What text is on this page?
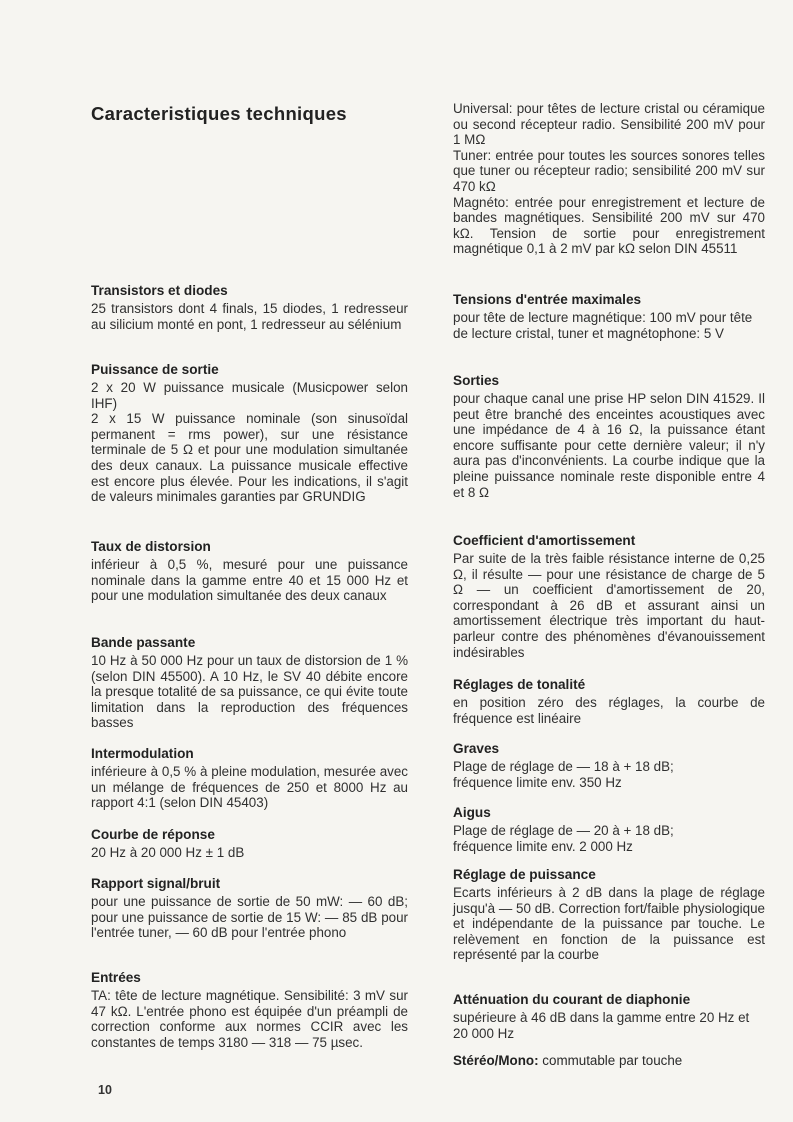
Caracteristiques techniques
Transistors et diodes

25 transistors dont 4 finals, 15 diodes, 1 redresseur au silicium monté en pont, 1 redresseur au sélénium

Puissance de sortie

2 x 20 W puissance musicale (Musicpower selon IHF)

2 x 15 W puissance nominale (son sinusoïdal permanent = rms power), sur une résistance terminale de 5 Ω et pour une modulation simultanée des deux canaux. La puissance musicale effective est encore plus élevée. Pour les indications, il s'agit de valeurs minimales garanties par GRUNDIG

Taux de distorsion

inférieur à 0,5 %, mesuré pour une puissance nominale dans la gamme entre 40 et 15 000 Hz et pour une modulation simultanée des deux canaux

Bande passante

10 Hz à 50 000 Hz pour un taux de distorsion de 1 % (selon DIN 45500). A 10 Hz, le SV 40 débite encore la presque totalité de sa puissance, ce qui évite toute limitation dans la reproduction des fréquences basses

Intermodulation

inférieure à 0,5 % à pleine modulation, mesurée avec un mélange de fréquences de 250 et 8000 Hz au rapport 4:1 (selon DIN 45403)

Courbe de réponse

20 Hz à 20 000 Hz ± 1 dB

Rapport signal/bruit

pour une puissance de sortie de 50 mW: — 60 dB; pour une puissance de sortie de 15 W: — 85 dB pour l'entrée tuner, — 60 dB pour l'entrée phono

Entrées

TA: tête de lecture magnétique. Sensibilité: 3 mV sur 47 kΩ. L'entrée phono est équipée d'un préampli de correction conforme aux normes CCIR avec les constantes de temps 3180 — 318 — 75 µsec.

10

Universal: pour têtes de lecture cristal ou céramique ou second récepteur radio. Sensibilité 200 mV pour 1 MΩ

Tuner: entrée pour toutes les sources sonores telles que tuner ou récepteur radio; sensibilité 200 mV sur 470 kΩ

Magnéto: entrée pour enregistrement et lecture de bandes magnétiques. Sensibilité 200 mV sur 470 kΩ. Tension de sortie pour enregistrement magnétique 0,1 à 2 mV par kΩ selon DIN 45511

Tensions d'entrée maximales

pour tête de lecture magnétique: 100 mV pour tête de lecture cristal, tuner et magnétophone: 5 V

Sorties

pour chaque canal une prise HP selon DIN 41529. Il peut être branché des enceintes acoustiques avec une impédance de 4 à 16 Ω, la puissance étant encore suffisante pour cette dernière valeur; il n'y aura pas d'inconvénients. La courbe indique que la pleine puissance nominale reste disponible entre 4 et 8 Ω

Coefficient d'amortissement

Par suite de la très faible résistance interne de 0,25 Ω, il résulte — pour une résistance de charge de 5 Ω — un coefficient d'amortissement de 20, correspondant à 26 dB et assurant ainsi un amortissement électrique très important du haut-parleur contre des phénomènes d'évanouissement indésirables

Réglages de tonalité

en position zéro des réglages, la courbe de fréquence est linéaire

Graves

Plage de réglage de — 18 à + 18 dB;

fréquence limite env. 350 Hz

Aigus

Plage de réglage de — 20 à + 18 dB;

fréquence limite env. 2 000 Hz

Réglage de puissance

Ecarts inférieurs à 2 dB dans la plage de réglage jusqu'à — 50 dB. Correction fort/faible physiologique et indépendante de la puissance par touche. Le relèvement en fonction de la puissance est représenté par la courbe

Atténuation du courant de diaphonie

supérieure à 46 dB dans la gamme entre 20 Hz et 20 000 Hz

Stéréo/Mono: commutable par touche
